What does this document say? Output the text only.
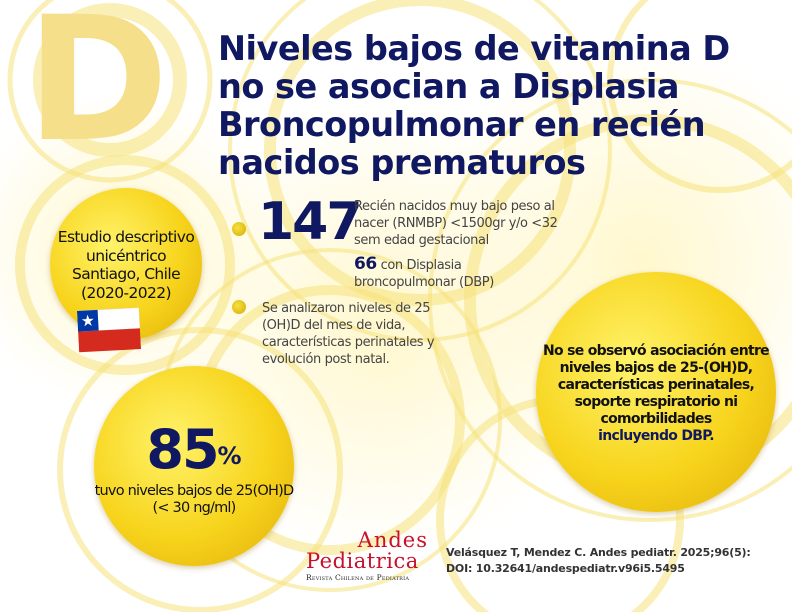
D Niveles bajos de vitamina D no se asocian a Displasia Broncopulmonar en recién nacidos prematuros
Estudio descriptivo unicéntrico Santiago, Chile (2020-2022)
147
Recién nacidos muy bajo peso al nacer (RNMBP) <1500gr y/o <32 sem edad gestacional
66 con Displasia broncopulmonar (DBP)
Se analizaron niveles de 25 (OH)D del mes de vida, características perinatales y evolución post natal.
85%
tuvo niveles bajos de 25(OH)D (< 30 ng/ml)
No se observó asociación entre niveles bajos de 25-(OH)D, características perinatales, soporte respiratorio ni comorbilidades
incluyendo DBP.
Andes
Pediatrica
Revista Chilena de Pediatría
Velásquez T, Mendez C. Andes pediatr. 2025;96(5):
DOI: 10.32641/andespediatr.v96i5.5495
